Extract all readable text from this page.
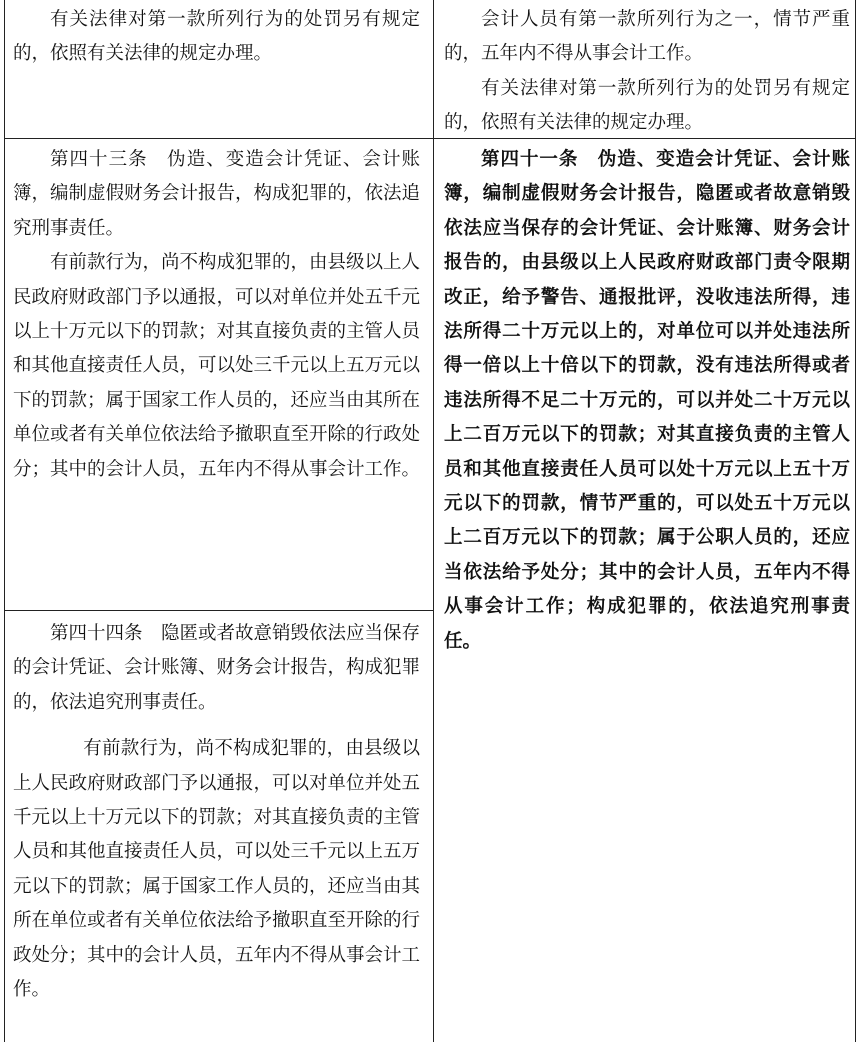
有关法律对第一款所列行为的处罚另有规定的，依照有关法律的规定办理。

第四十三条　伪造、变造会计凭证、会计账簿，编制虚假财务会计报告，构成犯罪的，依法追究刑事责任。

有前款行为，尚不构成犯罪的，由县级以上人民政府财政部门予以通报，可以对单位并处五千元以上十万元以下的罚款；对其直接负责的主管人员和其他直接责任人员，可以处三千元以上五万元以下的罚款；属于国家工作人员的，还应当由其所在单位或者有关单位依法给予撤职直至开除的行政处分；其中的会计人员，五年内不得从事会计工作。

第四十四条　隐匿或者故意销毁依法应当保存的会计凭证、会计账簿、财务会计报告，构成犯罪的，依法追究刑事责任。

有前款行为，尚不构成犯罪的，由县级以上人民政府财政部门予以通报，可以对单位并处五千元以上十万元以下的罚款；对其直接负责的主管人员和其他直接责任人员，可以处三千元以上五万元以下的罚款；属于国家工作人员的，还应当由其所在单位或者有关单位依法给予撤职直至开除的行政处分；其中的会计人员，五年内不得从事会计工作。

会计人员有第一款所列行为之一，情节严重的，五年内不得从事会计工作。

有关法律对第一款所列行为的处罚另有规定的，依照有关法律的规定办理。

第四十一条　伪造、变造会计凭证、会计账簿，编制虚假财务会计报告，隐匿或者故意销毁依法应当保存的会计凭证、会计账簿、财务会计报告的，由县级以上人民政府财政部门责令限期改正，给予警告、通报批评，没收违法所得，违法所得二十万元以上的，对单位可以并处违法所得一倍以上十倍以下的罚款，没有违法所得或者违法所得不足二十万元的，可以并处二十万元以上二百万元以下的罚款；对其直接负责的主管人员和其他直接责任人员可以处十万元以上五十万元以下的罚款，情节严重的，可以处五十万元以上二百万元以下的罚款；属于公职人员的，还应当依法给予处分；其中的会计人员，五年内不得从事会计工作；构成犯罪的，依法追究刑事责任。
